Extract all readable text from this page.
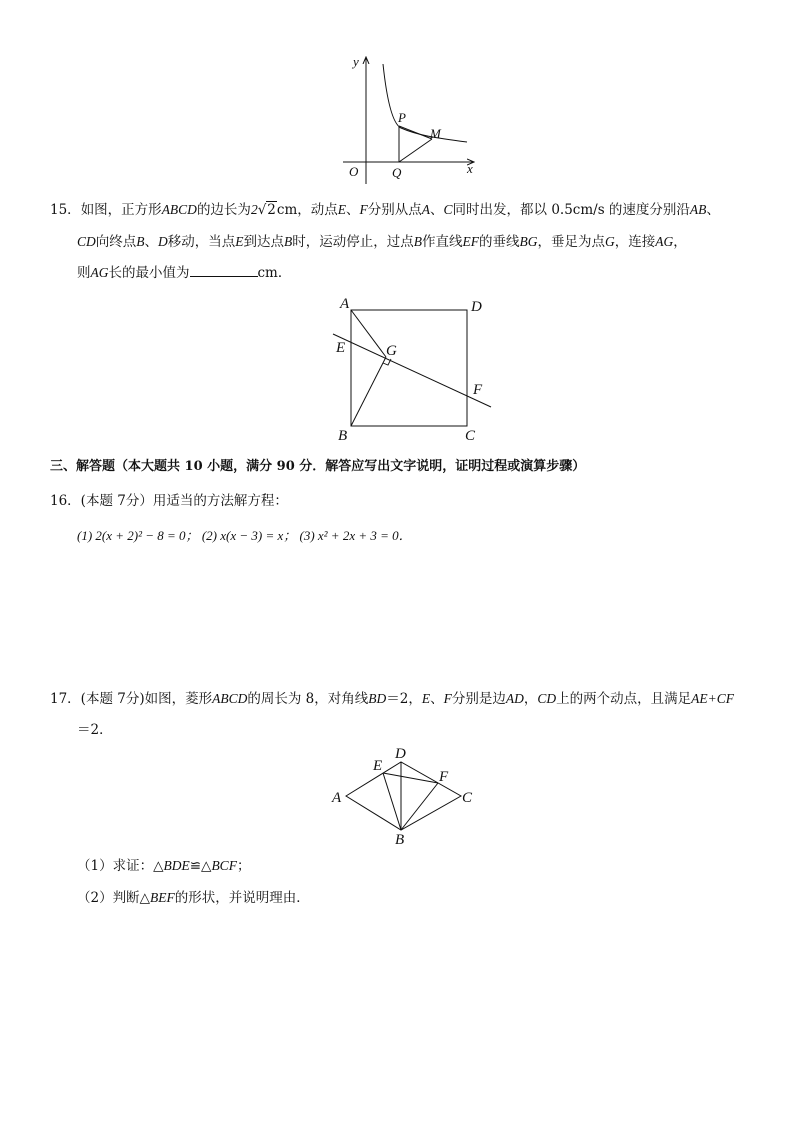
y
x
O
P
M
Q
15．如图，正方形ABCD的边长为2√2cm，动点E、F分别从点A、C同时出发，都以 0.5cm/s 的速度分别沿AB、
CD向终点B、D移动，当点E到达点B时，运动停止，过点B作直线EF的垂线BG，垂足为点G，连接AG，
则AG长的最小值为	cm．
A	D
E	G
F
B	C
三、解答题（本大题共 10 小题，满分 90 分．解答应写出文字说明，证明过程或演算步骤）
16．(本题 7分）用适当的方法解方程：
(1) 2(x + 2)² − 8 = 0； (2) x(x − 3) = x； (3) x² + 2x + 3 = 0．
17．(本题 7分)如图，菱形ABCD的周长为 8，对角线BD＝2，E、F分别是边AD，CD上的两个动点，且满足AE+CF
＝2．
D
E
F
A	C
B
（1）求证：△BDE≌△BCF；
（2）判断△BEF的形状，并说明理由．
